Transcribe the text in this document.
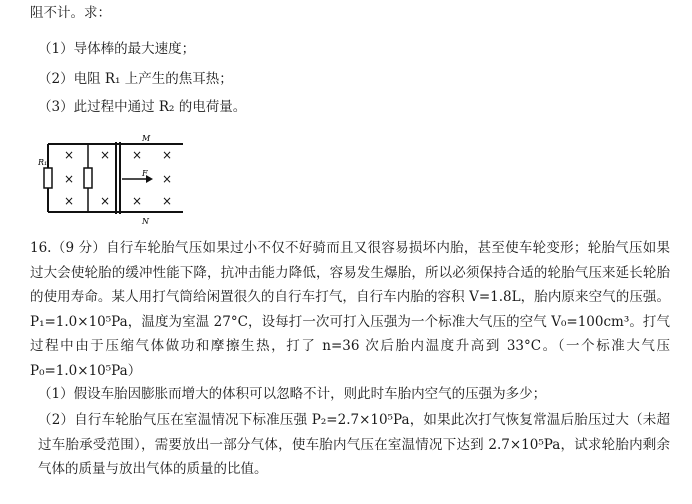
阻不计。求：
（1）导体棒的最大速度；
（2）电阻 R₁ 上产生的焦耳热；
（3）此过程中通过 R₂ 的电荷量。
×
×
×
×
×
×
×
×
×
×
M
N
R₁
F
16.（9 分）自行车轮胎气压如果过小不仅不好骑而且又很容易损坏内胎，甚至使车轮变形；轮胎气压如果过大会使轮胎的缓冲性能下降，抗冲击能力降低，容易发生爆胎，所以必须保持合适的轮胎气压来延长轮胎的使用寿命。某人用打气筒给闲置很久的自行车打气，自行车内胎的容积 V=1.8L，胎内原来空气的压强。P₁=1.0×10⁵Pa，温度为室温 27°C，设每打一次可打入压强为一个标准大气压的空气 V₀=100cm³。打气过程中由于压缩气体做功和摩擦生热，打了 n=36 次后胎内温度升高到 33°C。（一个标准大气压 P₀=1.0×10⁵Pa）
（1）假设车胎因膨胀而增大的体积可以忽略不计，则此时车胎内空气的压强为多少；
（2）自行车轮胎气压在室温情况下标准压强 P₂=2.7×10⁵Pa，如果此次打气恢复常温后胎压过大（未超过车胎承受范围），需要放出一部分气体，使车胎内气压在室温情况下达到 2.7×10⁵Pa，试求轮胎内剩余气体的质量与放出气体的质量的比值。
